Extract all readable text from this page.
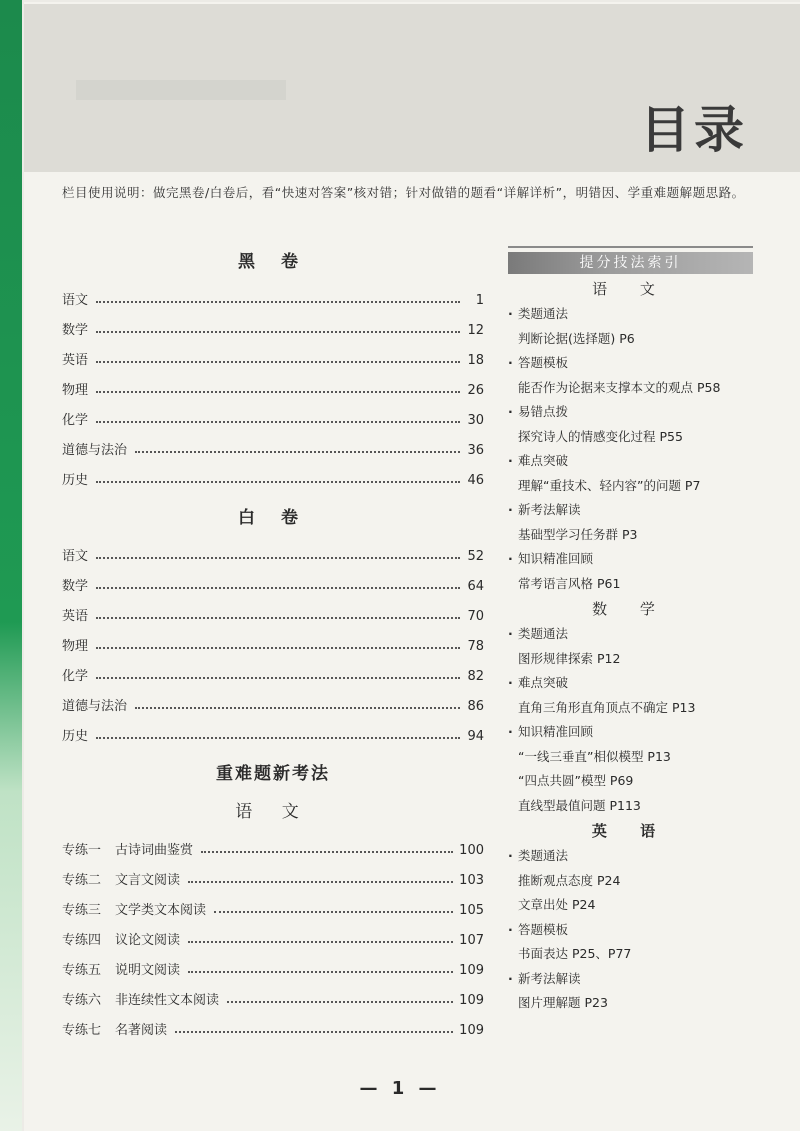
目录

栏目使用说明：做完黑卷/白卷后，看“快速对答案”核对错；针对做错的题看“详解详析”，明错因、学重难题解题思路。

黑 卷
语文	1
数学	12
英语	18
物理	26
化学	30
道德与法治	36
历史	46
白 卷
语文	52
数学	64
英语	70
物理	78
化学	82
道德与法治	86
历史	94
重难题新考法
语 文
专练一 古诗词曲鉴赏	100
专练二 文言文阅读	103
专练三 文学类文本阅读	105
专练四 议论文阅读	107
专练五 说明文阅读	109
专练六 非连续性文本阅读	109
专练七 名著阅读	109
提分技法索引
语 文
· 类题通法
判断论据(选择题) P6
· 答题模板
能否作为论据来支撑本文的观点 P58
· 易错点拨
探究诗人的情感变化过程 P55
· 难点突破
理解“重技术、轻内容”的问题 P7
· 新考法解读
基础型学习任务群 P3
· 知识精准回顾
常考语言风格 P61
数 学
· 类题通法
图形规律探索 P12
· 难点突破
直角三角形直角顶点不确定 P13
· 知识精准回顾
“一线三垂直”相似模型 P13
“四点共圆”模型 P69
直线型最值问题 P113
英 语
· 类题通法
推断观点态度 P24
文章出处 P24
· 答题模板
书面表达 P25、P77
· 新考法解读
图片理解题 P23
— 1 —
